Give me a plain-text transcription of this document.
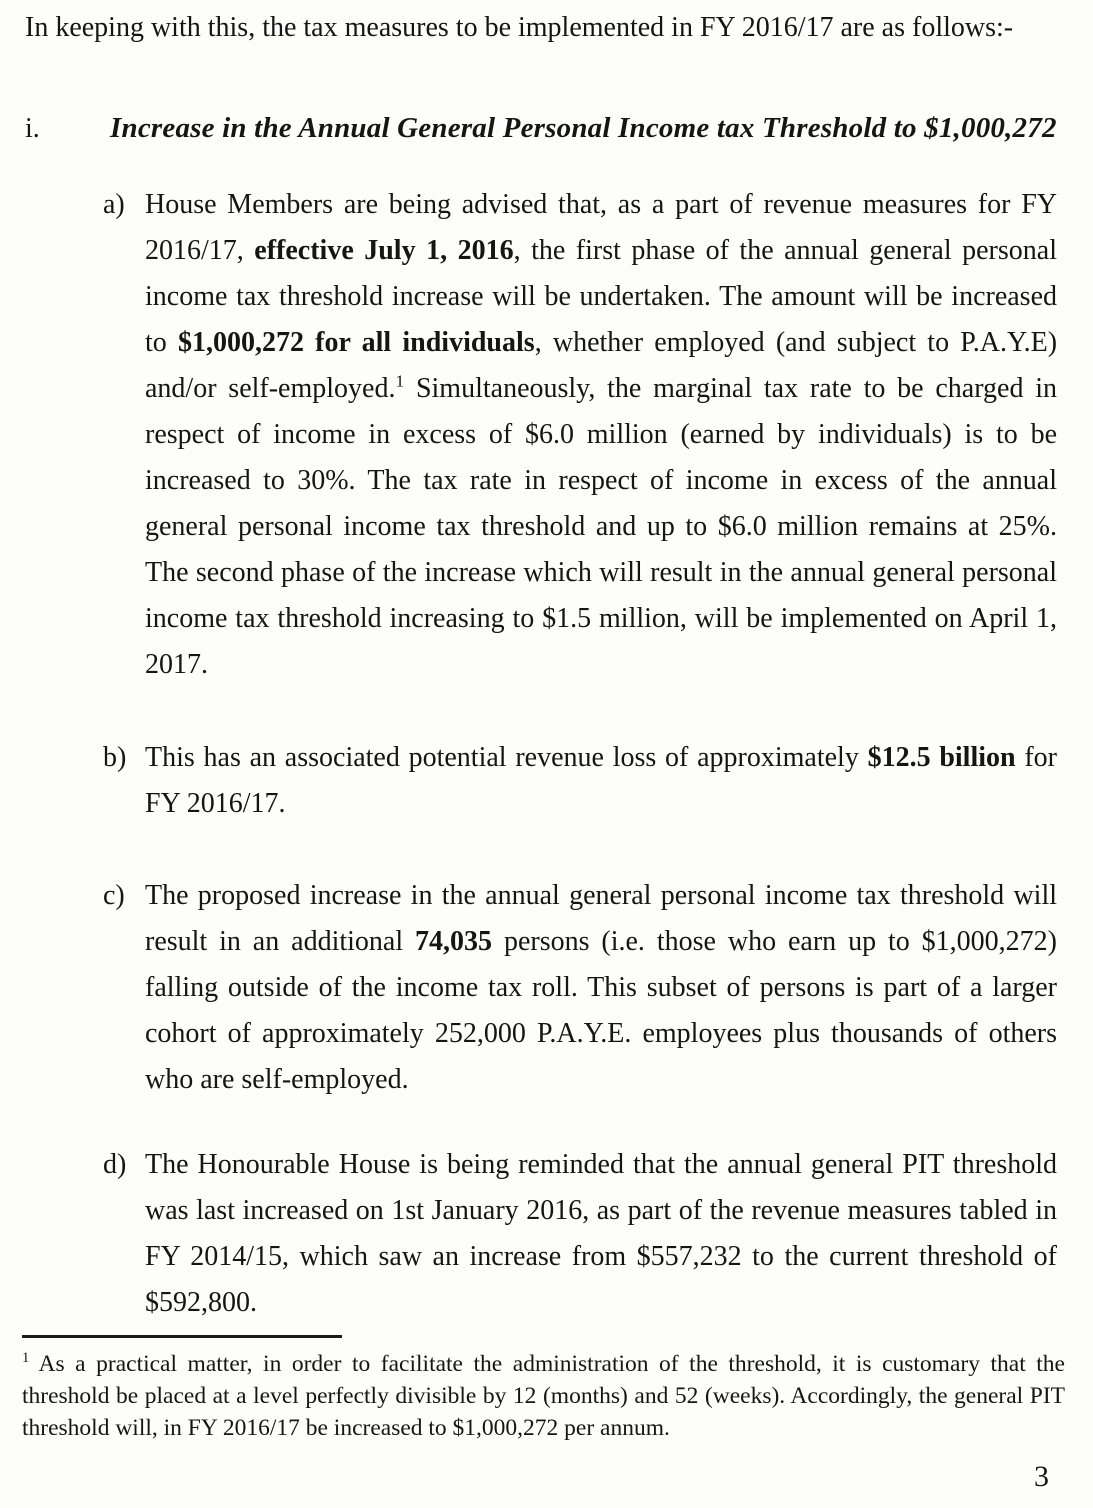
In keeping with this, the tax measures to be implemented in FY 2016/17 are as follows:-

i.	Increase in the Annual General Personal Income tax Threshold to $1,000,272
a) House Members are being advised that, as a part of revenue measures for FY 2016/17, effective July 1, 2016, the first phase of the annual general personal income tax threshold increase will be undertaken. The amount will be increased to $1,000,272 for all individuals, whether employed (and subject to P.A.Y.E) and/or self-employed.$^1$ Simultaneously, the marginal tax rate to be charged in respect of income in excess of $6.0 million (earned by individuals) is to be increased to 30%. The tax rate in respect of income in excess of the annual general personal income tax threshold and up to $6.0 million remains at 25%. The second phase of the increase which will result in the annual general personal income tax threshold increasing to $1.5 million, will be implemented on April 1, 2017.

b) This has an associated potential revenue loss of approximately $12.5 billion for FY 2016/17.

c) The proposed increase in the annual general personal income tax threshold will result in an additional 74,035 persons (i.e. those who earn up to $1,000,272) falling outside of the income tax roll. This subset of persons is part of a larger cohort of approximately 252,000 P.A.Y.E. employees plus thousands of others who are self-employed.

d) The Honourable House is being reminded that the annual general PIT threshold was last increased on 1st January 2016, as part of the revenue measures tabled in FY 2014/15, which saw an increase from $557,232 to the current threshold of $592,800.

$^1$ As a practical matter, in order to facilitate the administration of the threshold, it is customary that the threshold be placed at a level perfectly divisible by 12 (months) and 52 (weeks). Accordingly, the general PIT threshold will, in FY 2016/17 be increased to $1,000,272 per annum.

3
